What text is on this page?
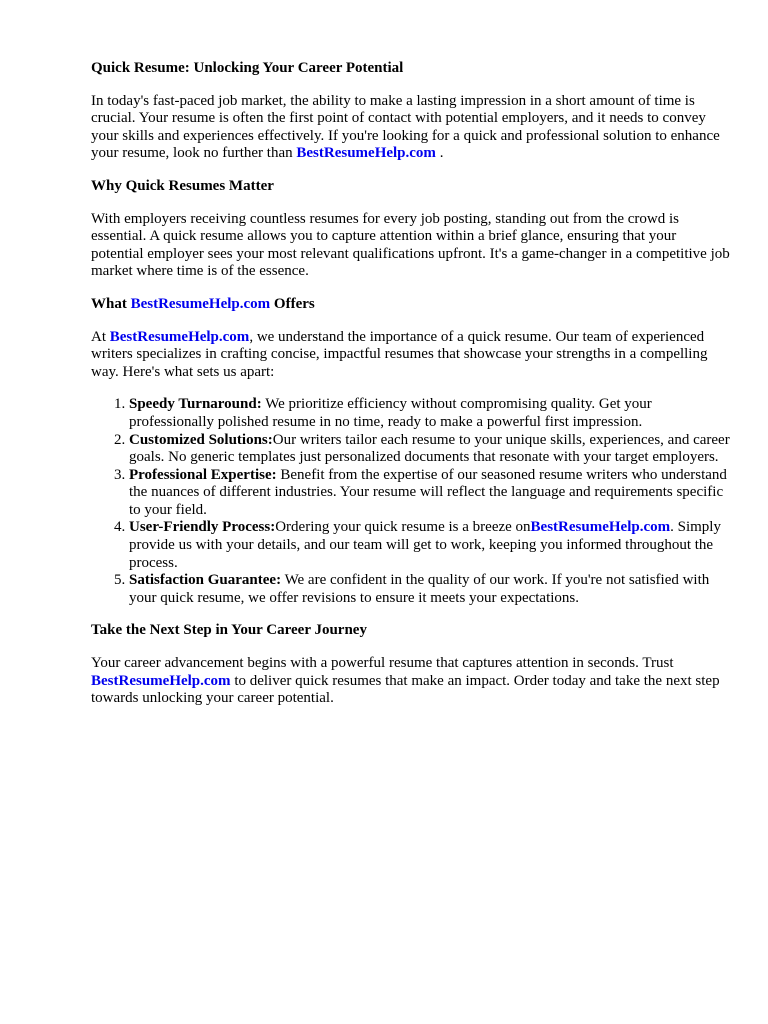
Quick Resume: Unlocking Your Career Potential

In today's fast-paced job market, the ability to make a lasting impression in a short amount of time is crucial. Your resume is often the first point of contact with potential employers, and it needs to convey your skills and experiences effectively. If you're looking for a quick and professional solution to enhance your resume, look no further than BestResumeHelp.com .

Why Quick Resumes Matter

With employers receiving countless resumes for every job posting, standing out from the crowd is essential. A quick resume allows you to capture attention within a brief glance, ensuring that your potential employer sees your most relevant qualifications upfront. It's a game-changer in a competitive job market where time is of the essence.

What BestResumeHelp.com Offers

At BestResumeHelp.com, we understand the importance of a quick resume. Our team of experienced writers specializes in crafting concise, impactful resumes that showcase your strengths in a compelling way. Here's what sets us apart:

1. Speedy Turnaround: We prioritize efficiency without compromising quality. Get your professionally polished resume in no time, ready to make a powerful first impression.
2. Customized Solutions:Our writers tailor each resume to your unique skills, experiences, and career goals. No generic templates just personalized documents that resonate with your target employers.
3. Professional Expertise: Benefit from the expertise of our seasoned resume writers who understand the nuances of different industries. Your resume will reflect the language and requirements specific to your field.
4. User-Friendly Process:Ordering your quick resume is a breeze onBestResumeHelp.com. Simply provide us with your details, and our team will get to work, keeping you informed throughout the process.
5. Satisfaction Guarantee: We are confident in the quality of our work. If you're not satisfied with your quick resume, we offer revisions to ensure it meets your expectations.
Take the Next Step in Your Career Journey

Your career advancement begins with a powerful resume that captures attention in seconds. Trust BestResumeHelp.com to deliver quick resumes that make an impact. Order today and take the next step towards unlocking your career potential.
